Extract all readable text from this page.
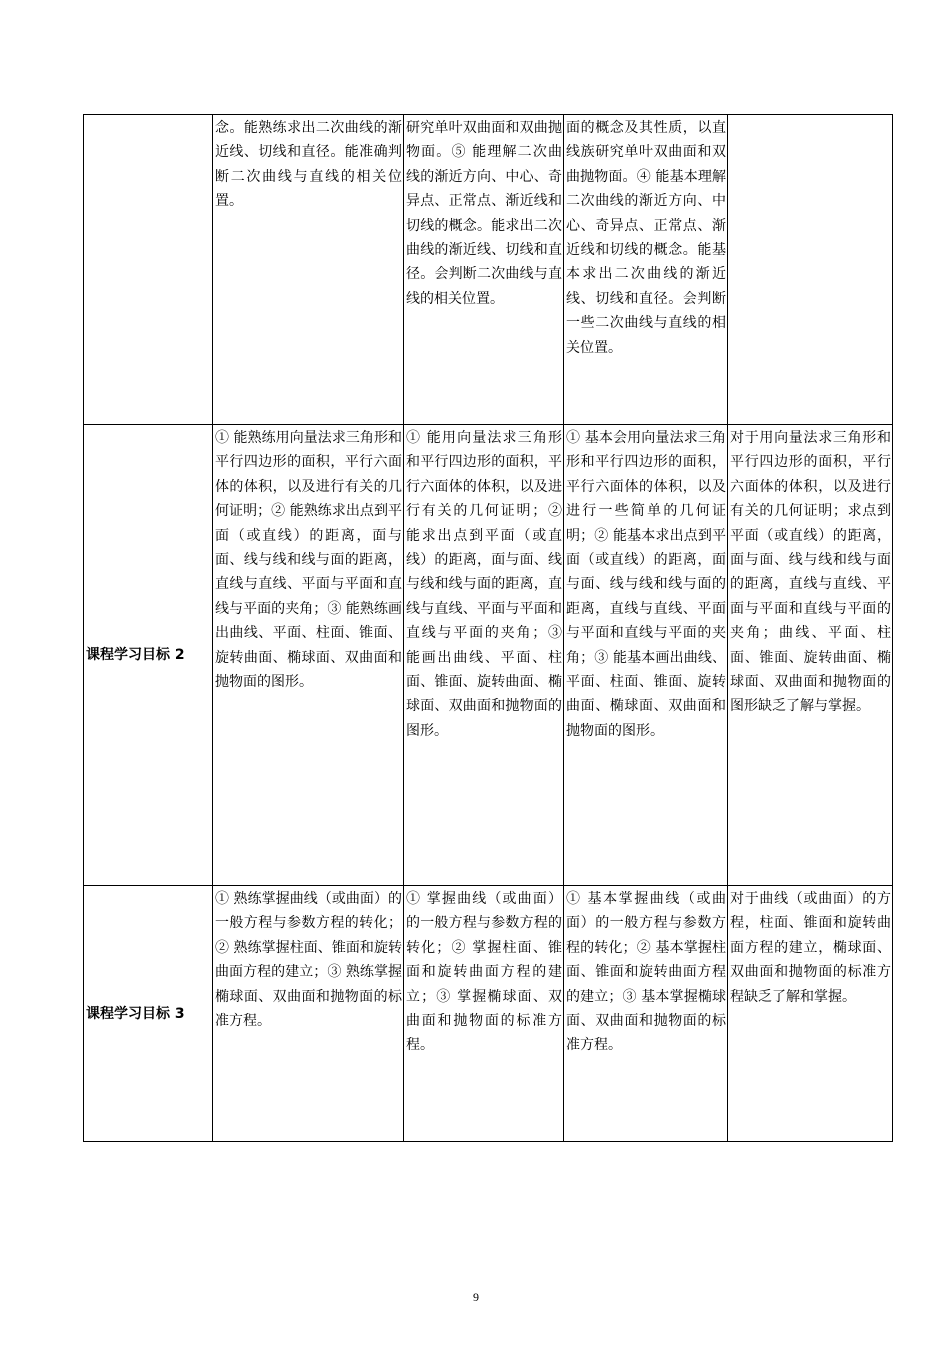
	念。能熟练求出二次曲线的渐近线、切线和直径。能准确判断二次曲线与直线的相关位置。	研究单叶双曲面和双曲抛物面。⑤ 能理解二次曲线的渐近方向、中心、奇异点、正常点、渐近线和切线的概念。能求出二次曲线的渐近线、切线和直径。会判断二次曲线与直线的相关位置。	面的概念及其性质，以直线族研究单叶双曲面和双曲抛物面。④ 能基本理解二次曲线的渐近方向、中心、奇异点、正常点、渐近线和切线的概念。能基本求出二次曲线的渐近线、切线和直径。会判断一些二次曲线与直线的相关位置。	
课程学习目标 2	① 能熟练用向量法求三角形和平行四边形的面积，平行六面体的体积，以及进行有关的几何证明；② 能熟练求出点到平面（或直线）的距离，面与面、线与线和线与面的距离，直线与直线、平面与平面和直线与平面的夹角；③ 能熟练画出曲线、平面、柱面、锥面、旋转曲面、椭球面、双曲面和抛物面的图形。	① 能用向量法求三角形和平行四边形的面积，平行六面体的体积，以及进行有关的几何证明；② 能求出点到平面（或直线）的距离，面与面、线与线和线与面的距离，直线与直线、平面与平面和直线与平面的夹角；③ 能画出曲线、平面、柱面、锥面、旋转曲面、椭球面、双曲面和抛物面的图形。	① 基本会用向量法求三角形和平行四边形的面积，平行六面体的体积，以及进行一些简单的几何证明；② 能基本求出点到平面（或直线）的距离，面与面、线与线和线与面的距离，直线与直线、平面与平面和直线与平面的夹角；③ 能基本画出曲线、平面、柱面、锥面、旋转曲面、椭球面、双曲面和抛物面的图形。	对于用向量法求三角形和平行四边形的面积，平行六面体的体积，以及进行有关的几何证明；求点到平面（或直线）的距离，面与面、线与线和线与面的距离，直线与直线、平面与平面和直线与平面的夹角；曲线、平面、柱面、锥面、旋转曲面、椭球面、双曲面和抛物面的图形缺乏了解与掌握。
课程学习目标 3	① 熟练掌握曲线（或曲面）的一般方程与参数方程的转化；② 熟练掌握柱面、锥面和旋转曲面方程的建立；③ 熟练掌握椭球面、双曲面和抛物面的标准方程。	① 掌握曲线（或曲面）的一般方程与参数方程的转化；② 掌握柱面、锥面和旋转曲面方程的建立；③ 掌握椭球面、双曲面和抛物面的标准方程。	① 基本掌握曲线（或曲面）的一般方程与参数方程的转化；② 基本掌握柱面、锥面和旋转曲面方程的建立；③ 基本掌握椭球面、双曲面和抛物面的标准方程。	对于曲线（或曲面）的方程，柱面、锥面和旋转曲面方程的建立，椭球面、双曲面和抛物面的标准方程缺乏了解和掌握。
9
